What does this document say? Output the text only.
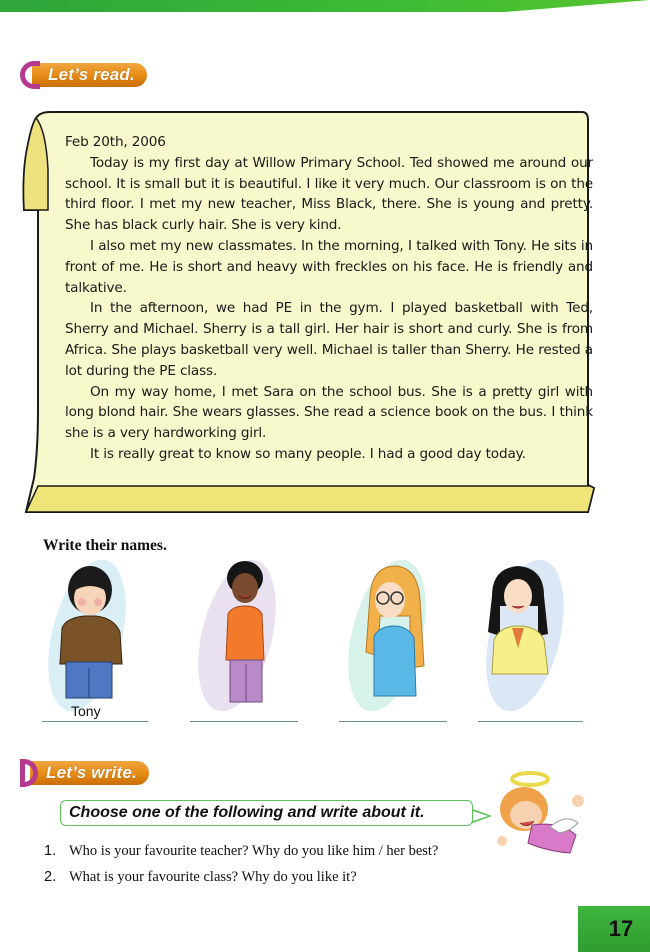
Let’s read.

Feb 20th, 2006

Today is my first day at Willow Primary School. Ted showed me around our school. It is small but it is beautiful. I like it very much. Our classroom is on the third floor. I met my new teacher, Miss Black, there. She is young and pretty. She has black curly hair. She is very kind.

I also met my new classmates. In the morning, I talked with Tony. He sits in front of me. He is short and heavy with freckles on his face. He is friendly and talkative.

In the afternoon, we had PE in the gym. I played basketball with Ted, Sherry and Michael. Sherry is a tall girl. Her hair is short and curly. She is from Africa. She plays basketball very well. Michael is taller than Sherry. He rested a lot during the PE class.

On my way home, I met Sara on the school bus. She is a pretty girl with long blond hair. She wears glasses. She read a science book on the bus. I think she is a very hardworking girl.

It is really great to know so many people. I had a good day today.

Write their names.
Tony
Let’s write.
Choose one of the following and write about it.
1. Who is your favourite teacher? Why do you like him / her best?
2. What is your favourite class? Why do you like it?
17
